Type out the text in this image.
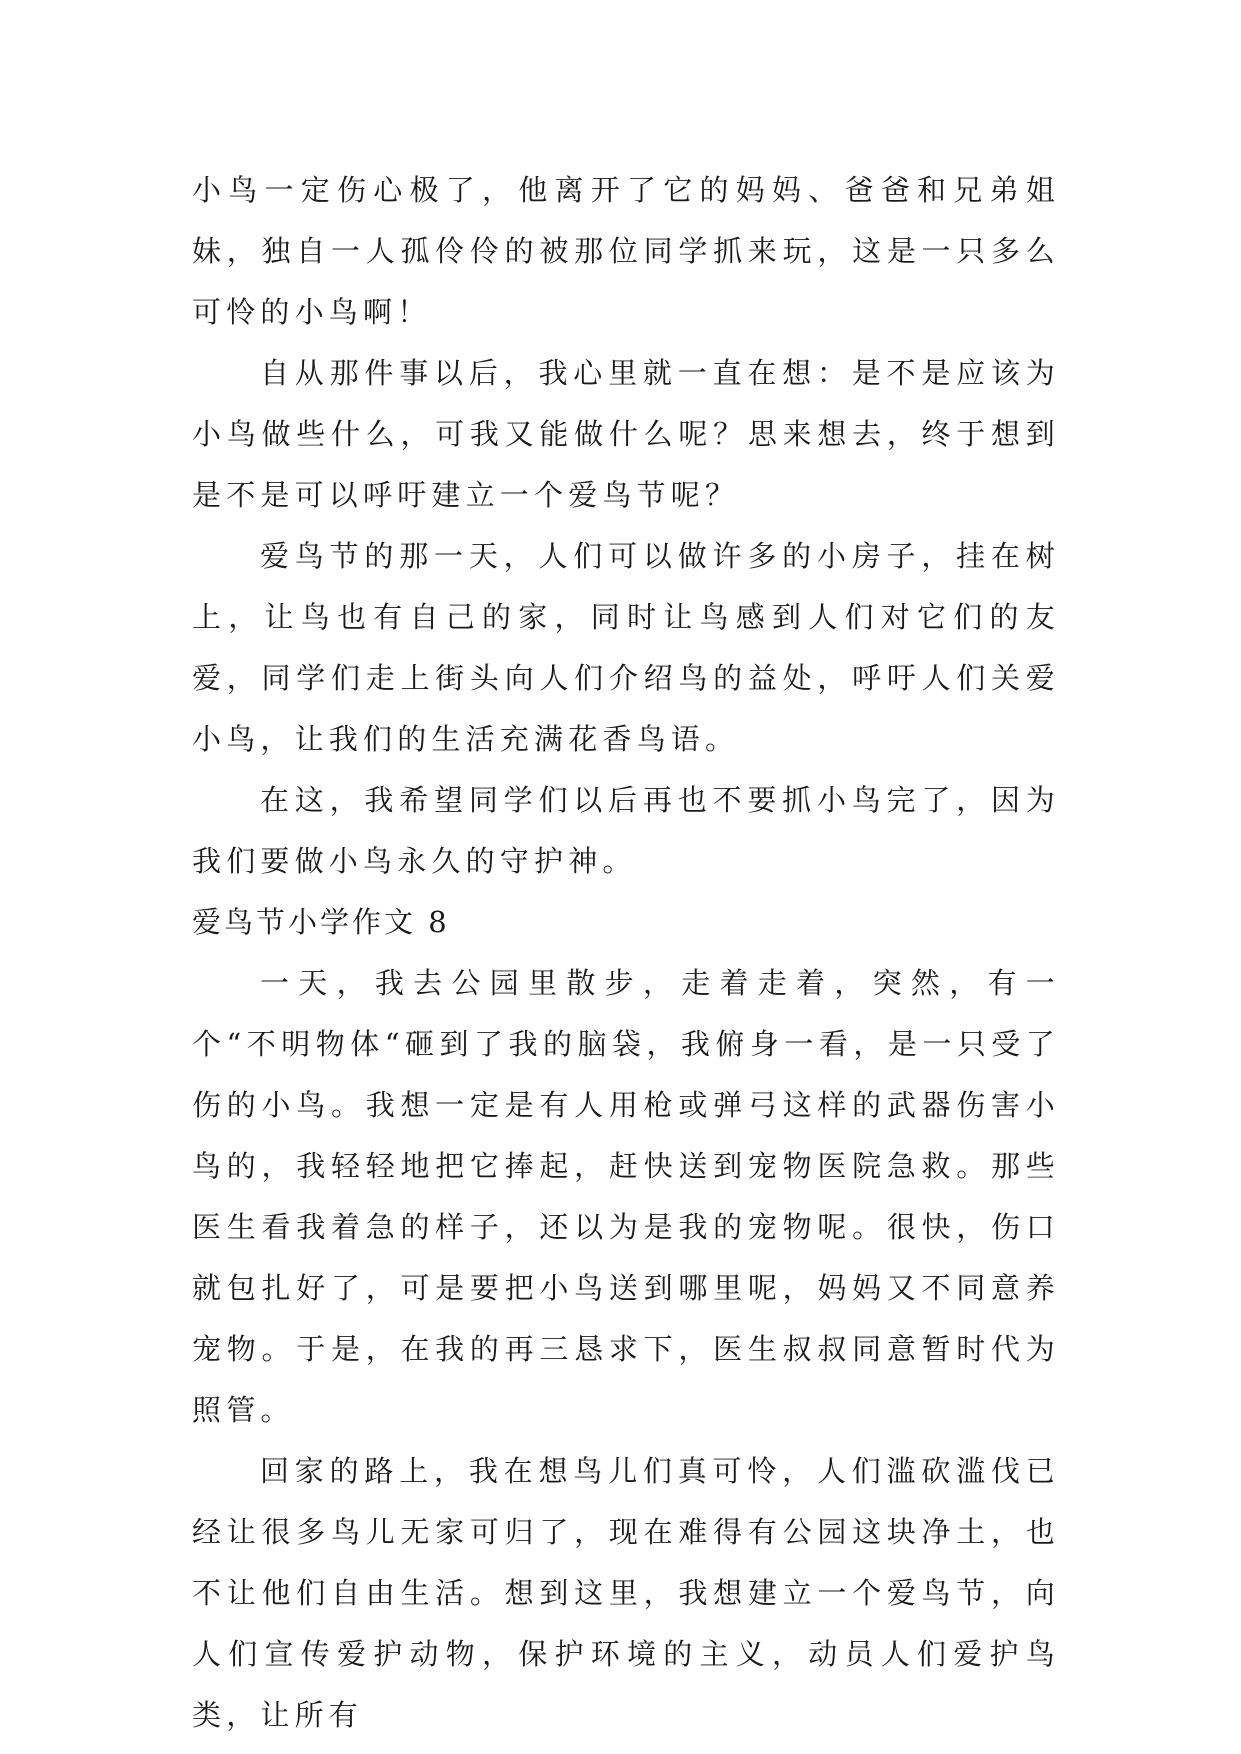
小鸟一定伤心极了，他离开了它的妈妈、爸爸和兄弟姐妹，独自一人孤伶伶的被那位同学抓来玩，这是一只多么可怜的小鸟啊！

自从那件事以后，我心里就一直在想：是不是应该为小鸟做些什么，可我又能做什么呢？思来想去，终于想到是不是可以呼吁建立一个爱鸟节呢？

爱鸟节的那一天，人们可以做许多的小房子，挂在树上，让鸟也有自己的家，同时让鸟感到人们对它们的友爱，同学们走上街头向人们介绍鸟的益处，呼吁人们关爱小鸟，让我们的生活充满花香鸟语。

在这，我希望同学们以后再也不要抓小鸟完了，因为我们要做小鸟永久的守护神。

爱鸟节小学作文 8

一天，我去公园里散步，走着走着，突然，有一个“不明物体“砸到了我的脑袋，我俯身一看，是一只受了伤的小鸟。我想一定是有人用枪或弹弓这样的武器伤害小鸟的，我轻轻地把它捧起，赶快送到宠物医院急救。那些医生看我着急的样子，还以为是我的宠物呢。很快，伤口就包扎好了，可是要把小鸟送到哪里呢，妈妈又不同意养宠物。于是，在我的再三恳求下，医生叔叔同意暂时代为照管。

回家的路上，我在想鸟儿们真可怜，人们滥砍滥伐已经让很多鸟儿无家可归了，现在难得有公园这块净土，也不让他们自由生活。想到这里，我想建立一个爱鸟节，向人们宣传爱护动物，保护环境的主义，动员人们爱护鸟类，让所有
